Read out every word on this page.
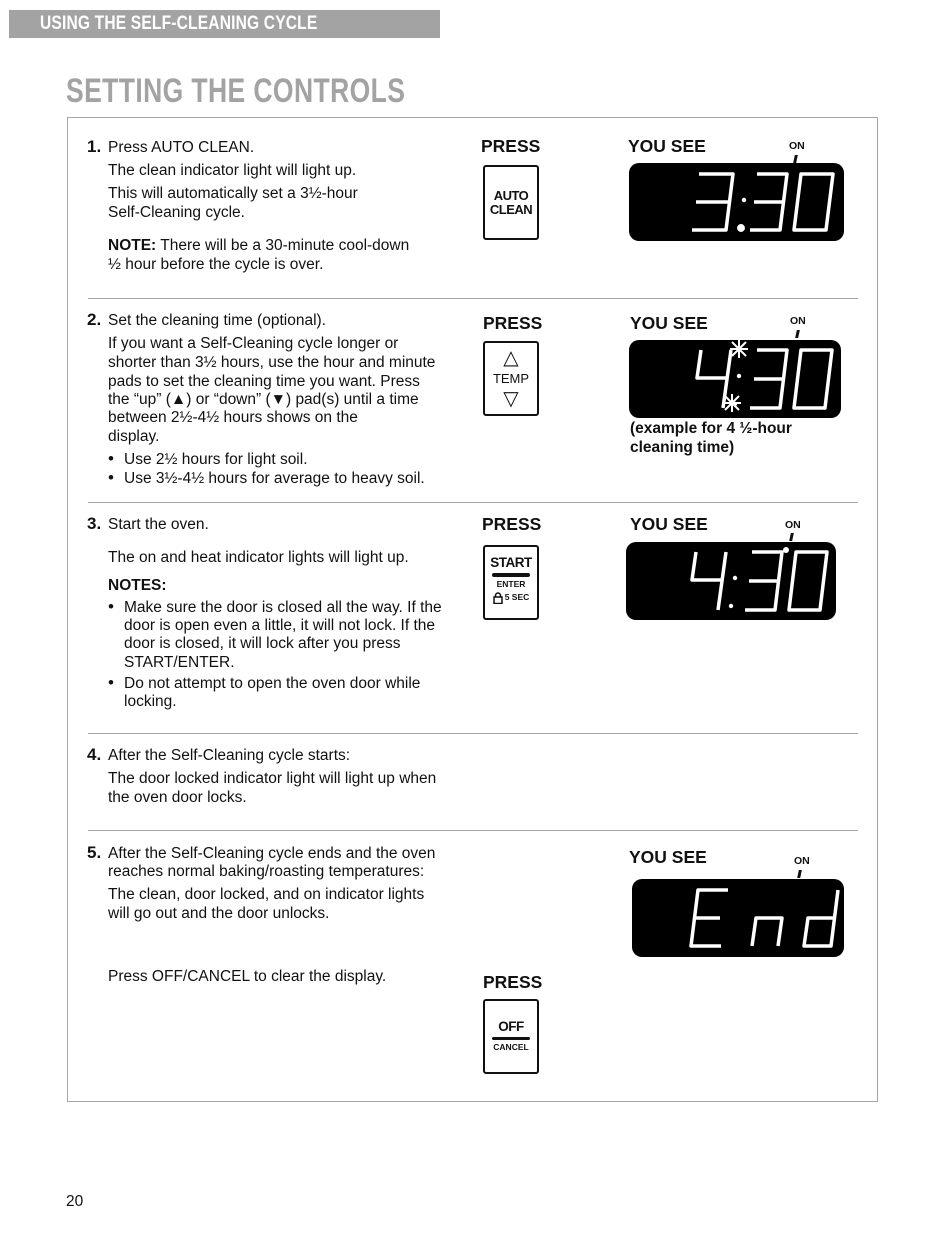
USING THE SELF-CLEANING CYCLE
SETTING THE CONTROLS
1. Press AUTO CLEAN.
The clean indicator light will light up.
This will automatically set a 3½-hour
Self-Cleaning cycle.
NOTE: There will be a 30-minute cool-down
½ hour before the cycle is over.
PRESS
AUTO
CLEAN
YOU SEE	ON
2. Set the cleaning time (optional).
If you want a Self-Cleaning cycle longer or
shorter than 3½ hours, use the hour and minute
pads to set the cleaning time you want. Press
the “up” (▲) or “down” (▼) pad(s) until a time
between 2½-4½ hours shows on the
display.
• Use 2½ hours for light soil.
• Use 3½-4½ hours for average to heavy soil.
PRESS
△
TEMP
▽
YOU SEE	ON
(example for 4 ½-hour
cleaning time)
3. Start the oven.
The on and heat indicator lights will light up.
NOTES:
• Make sure the door is closed all the way. If the
door is open even a little, it will not lock. If the
door is closed, it will lock after you press
START/ENTER.
• Do not attempt to open the oven door while
locking.
PRESS
START
ENTER
5 SEC
YOU SEE	ON
4. After the Self-Cleaning cycle starts:
The door locked indicator light will light up when
the oven door locks.
5. After the Self-Cleaning cycle ends and the oven
reaches normal baking/roasting temperatures:
The clean, door locked, and on indicator lights
will go out and the door unlocks.
Press OFF/CANCEL to clear the display.
YOU SEE	ON
PRESS
OFF
CANCEL
20
